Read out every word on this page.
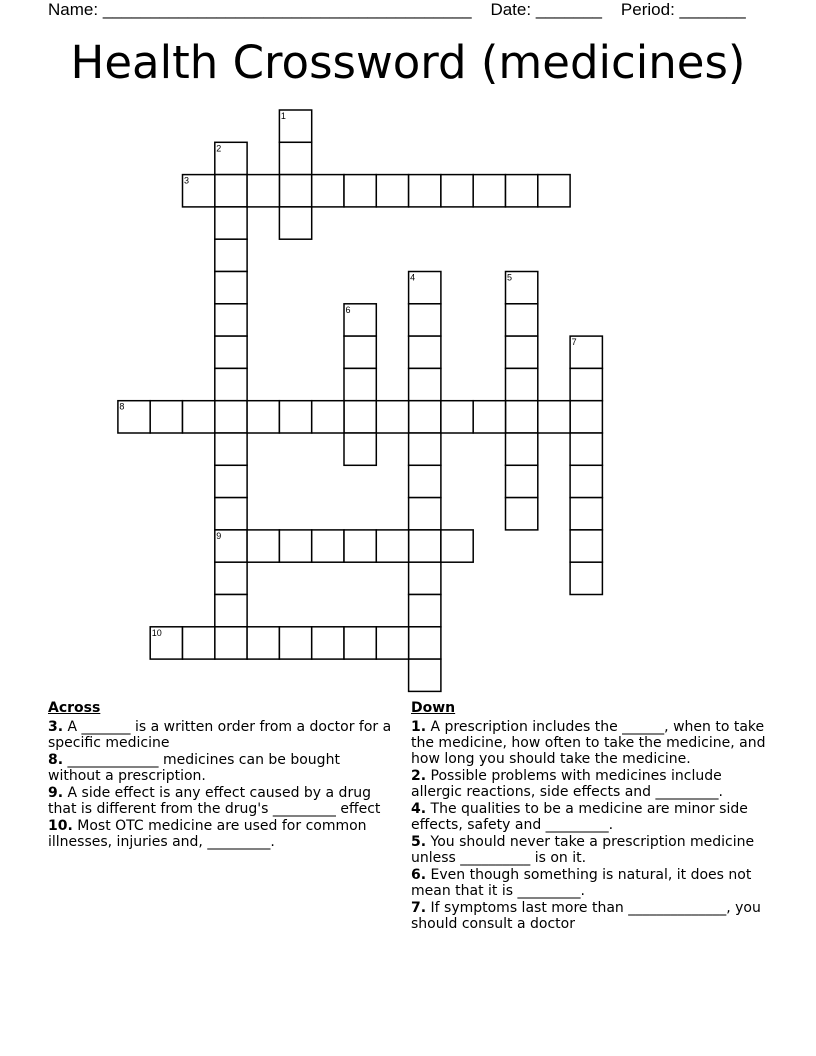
Name: _______________________________________ Date: _______ Period: _______
Health Crossword (medicines)
1
2
3
4	5
6
7
8
9
10
Across
3. A _______ is a written order from a doctor for a specific medicine
8. _____________ medicines can be bought without a prescription.
9. A side effect is any effect caused by a drug that is different from the drug's _________ effect
10. Most OTC medicine are used for common illnesses, injuries and, _________.
Down
1. A prescription includes the ______, when to take the medicine, how often to take the medicine, and how long you should take the medicine.
2. Possible problems with medicines include allergic reactions, side effects and _________.
4. The qualities to be a medicine are minor side effects, safety and _________.
5. You should never take a prescription medicine unless __________ is on it.
6. Even though something is natural, it does not mean that it is _________.
7. If symptoms last more than ______________, you should consult a doctor
